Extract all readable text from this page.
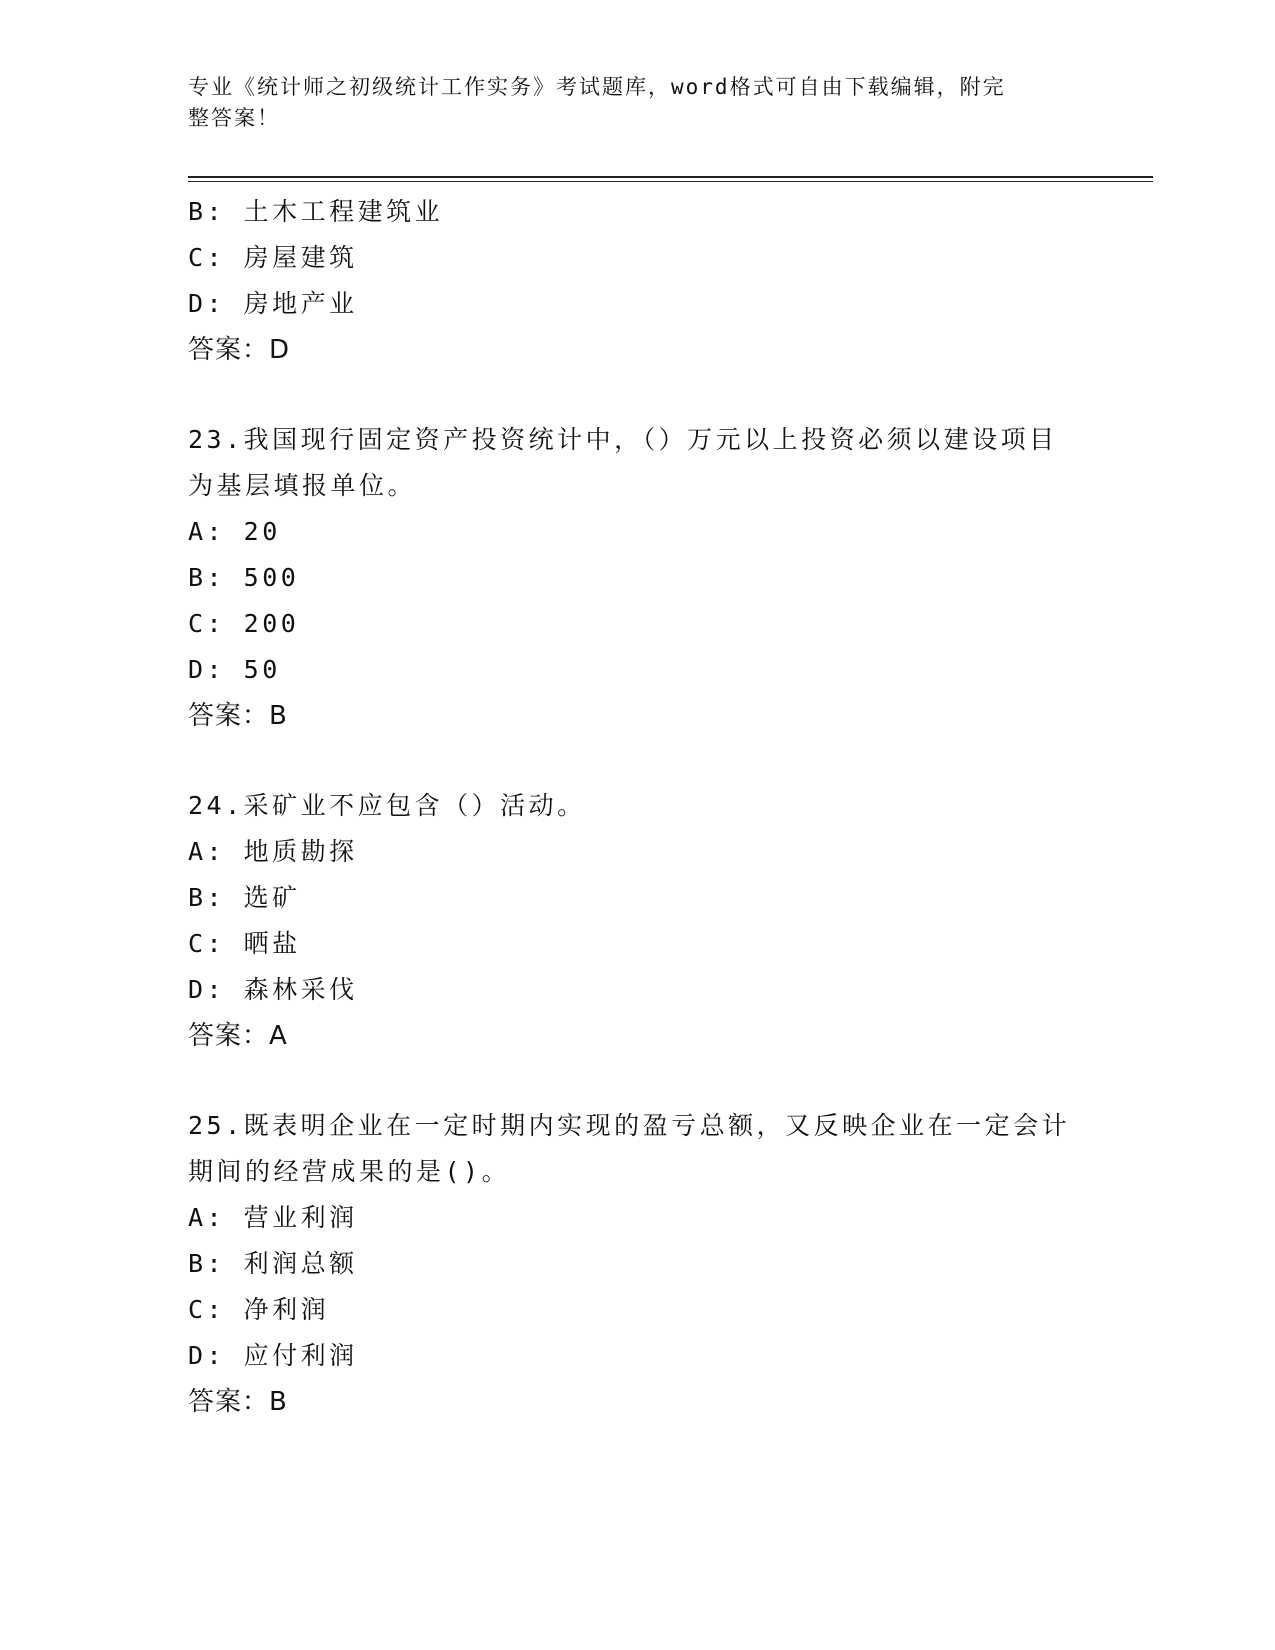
专业《统计师之初级统计工作实务》考试题库，word格式可自由下载编辑，附完
整答案！
B: 土木工程建筑业
C: 房屋建筑
D: 房地产业
答案：D
23.我国现行固定资产投资统计中，（）万元以上投资必须以建设项目
为基层填报单位。
A: 20
B: 500
C: 200
D: 50
答案：B
24.采矿业不应包含（）活动。
A: 地质勘探
B: 选矿
C: 晒盐
D: 森林采伐
答案：A
25.既表明企业在一定时期内实现的盈亏总额，又反映企业在一定会计
期间的经营成果的是()。
A: 营业利润
B: 利润总额
C: 净利润
D: 应付利润
答案：B
